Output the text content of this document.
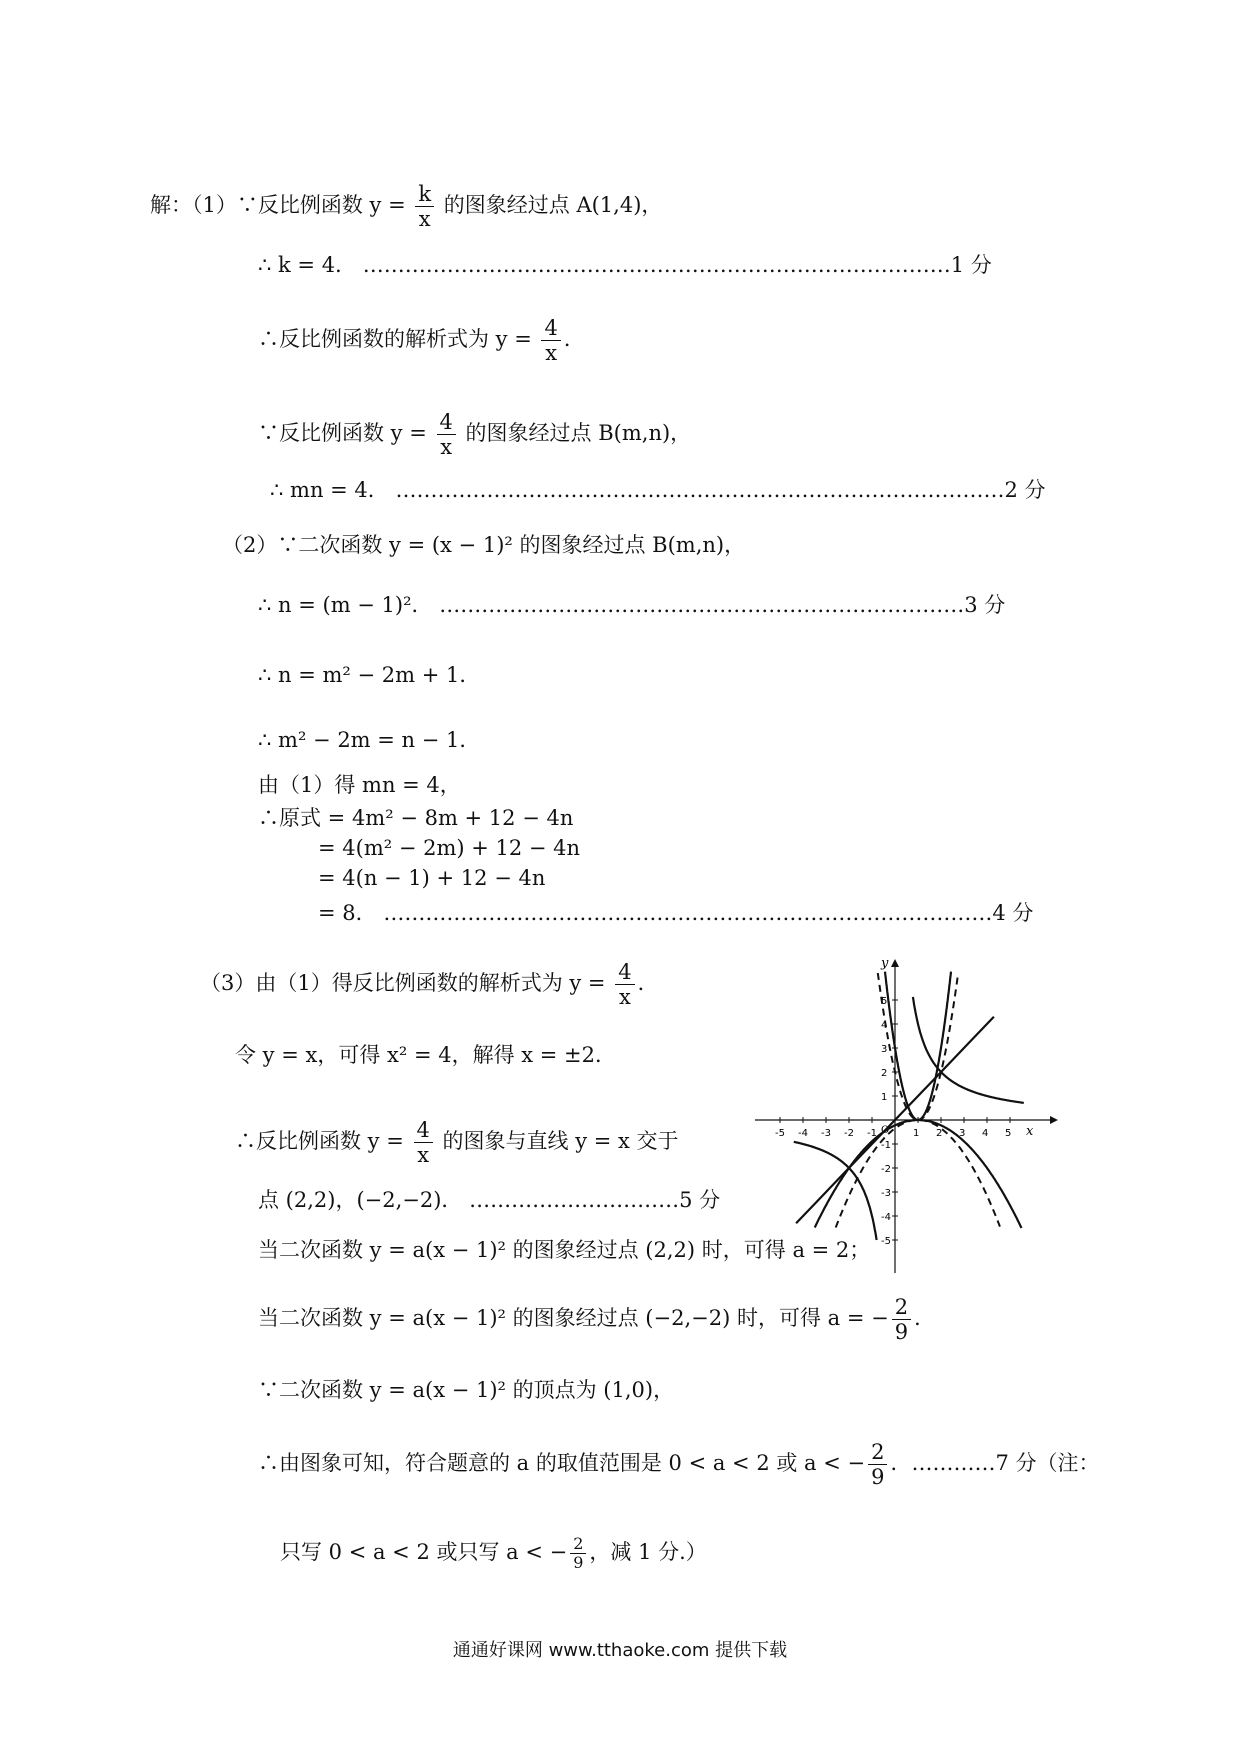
解：（1）∵反比例函数 $y = \frac{k}{x}$ 的图象经过点 A(1,4)，
∴ k = 4． …………………………………………………………………………1 分
∴反比例函数的解析式为 $y = \frac{4}{x}$ ．
∵反比例函数 $y = \frac{4}{x}$ 的图象经过点 B(m,n)，
∴ mn = 4． ……………………………………………………………………………2 分
（2）∵二次函数 y = (x − 1)² 的图象经过点 B(m,n)，
∴ n = (m − 1)²． …………………………………………………………………3 分
∴ n = m² − 2m + 1．
∴ m² − 2m = n − 1．
由（1）得 mn = 4，
∴原式 = 4m² − 8m + 12 − 4n
= 4(m² − 2m) + 12 − 4n
= 4(n − 1) + 12 − 4n
= 8． ……………………………………………………………………………4 分
（3）由（1）得反比例函数的解析式为 $y = \frac{4}{x}$ ．
令 y = x，可得 x² = 4，解得 x = ±2．
∴反比例函数 $y = \frac{4}{x}$ 的图象与直线 y = x 交于
点 (2,2)，(−2,−2)． …………………………5 分
当二次函数 y = a(x − 1)² 的图象经过点 (2,2) 时，可得 a = 2；
当二次函数 y = a(x − 1)² 的图象经过点 (−2,−2) 时，可得 a = − $\frac{2}{9}$ ．
∵二次函数 y = a(x − 1)² 的顶点为 (1,0)，
∴由图象可知，符合题意的 a 的取值范围是 0 < a < 2 或 a < − $\frac{2}{9}$ ．…………7 分（注：
只写 0 < a < 2 或只写 a < − $\frac{2}{9}$ ，减 1 分.）
x
y
O
-5 -4 -3 -2 -1	1 2 3 4 5
5
4
3
2
1
-1
-2
-3
-4
-5
通通好课网 www.tthaoke.com 提供下载
